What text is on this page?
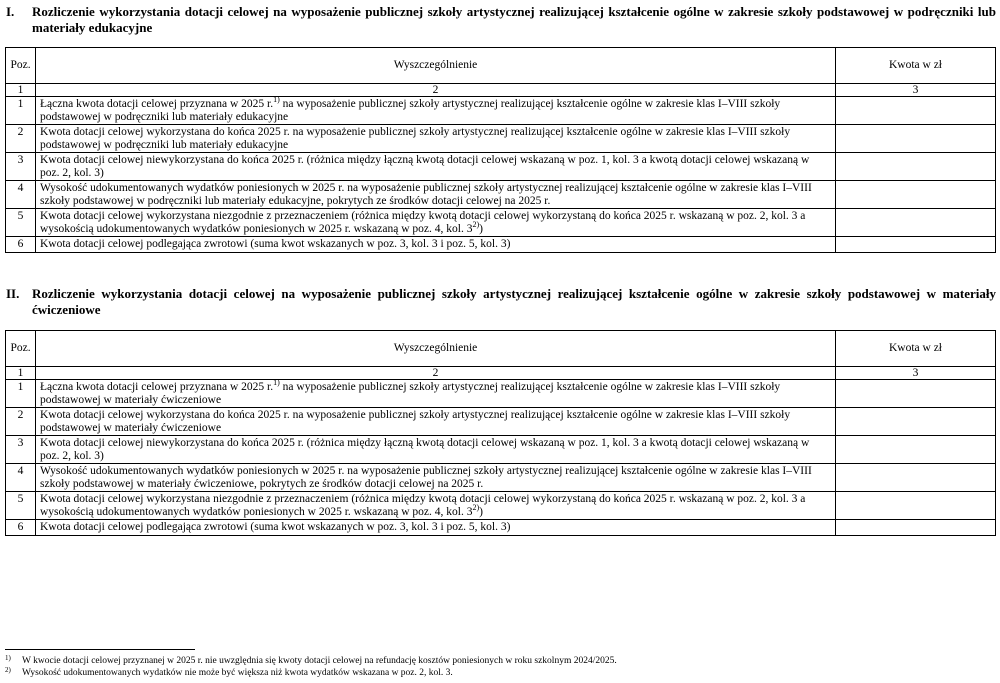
I. Rozliczenie wykorzystania dotacji celowej na wyposażenie publicznej szkoły artystycznej realizującej kształcenie ogólne w zakresie szkoły podstawowej w podręczniki lub materiały edukacyjne
Poz.	Wyszczególnienie	Kwota w zł
1	2	3
1	Łączna kwota dotacji celowej przyznana w 2025 r.$^{1)}$ na wyposażenie publicznej szkoły artystycznej realizującej kształcenie ogólne w zakresie klas I–VIII szkoły podstawowej w podręczniki lub materiały edukacyjne	
2	Kwota dotacji celowej wykorzystana do końca 2025 r. na wyposażenie publicznej szkoły artystycznej realizującej kształcenie ogólne w zakresie klas I–VIII szkoły podstawowej w podręczniki lub materiały edukacyjne	
3	Kwota dotacji celowej niewykorzystana do końca 2025 r. (różnica między łączną kwotą dotacji celowej wskazaną w poz. 1, kol. 3 a kwotą dotacji celowej wskazaną w poz. 2, kol. 3)	
4	Wysokość udokumentowanych wydatków poniesionych w 2025 r. na wyposażenie publicznej szkoły artystycznej realizującej kształcenie ogólne w zakresie klas I–VIII szkoły podstawowej w podręczniki lub materiały edukacyjne, pokrytych ze środków dotacji celowej na 2025 r.	
5	Kwota dotacji celowej wykorzystana niezgodnie z przeznaczeniem (różnica między kwotą dotacji celowej wykorzystaną do końca 2025 r. wskazaną w poz. 2, kol. 3 a wysokością udokumentowanych wydatków poniesionych w 2025 r. wskazaną w poz. 4, kol. 3$^{2)}$)	
6	Kwota dotacji celowej podlegająca zwrotowi (suma kwot wskazanych w poz. 3, kol. 3 i poz. 5, kol. 3)	
II. Rozliczenie wykorzystania dotacji celowej na wyposażenie publicznej szkoły artystycznej realizującej kształcenie ogólne w zakresie szkoły podstawowej w materiały ćwiczeniowe
Poz.	Wyszczególnienie	Kwota w zł
1	2	3
1	Łączna kwota dotacji celowej przyznana w 2025 r.$^{1)}$ na wyposażenie publicznej szkoły artystycznej realizującej kształcenie ogólne w zakresie klas I–VIII szkoły podstawowej w materiały ćwiczeniowe	
2	Kwota dotacji celowej wykorzystana do końca 2025 r. na wyposażenie publicznej szkoły artystycznej realizującej kształcenie ogólne w zakresie klas I–VIII szkoły podstawowej w materiały ćwiczeniowe	
3	Kwota dotacji celowej niewykorzystana do końca 2025 r. (różnica między łączną kwotą dotacji celowej wskazaną w poz. 1, kol. 3 a kwotą dotacji celowej wskazaną w poz. 2, kol. 3)	
4	Wysokość udokumentowanych wydatków poniesionych w 2025 r. na wyposażenie publicznej szkoły artystycznej realizującej kształcenie ogólne w zakresie klas I–VIII szkoły podstawowej w materiały ćwiczeniowe, pokrytych ze środków dotacji celowej na 2025 r.	
5	Kwota dotacji celowej wykorzystana niezgodnie z przeznaczeniem (różnica między kwotą dotacji celowej wykorzystaną do końca 2025 r. wskazaną w poz. 2, kol. 3 a wysokością udokumentowanych wydatków poniesionych w 2025 r. wskazaną w poz. 4, kol. 3$^{2)}$)	
6	Kwota dotacji celowej podlegająca zwrotowi (suma kwot wskazanych w poz. 3, kol. 3 i poz. 5, kol. 3)	
1) W kwocie dotacji celowej przyznanej w 2025 r. nie uwzględnia się kwoty dotacji celowej na refundację kosztów poniesionych w roku szkolnym 2024/2025.
2) Wysokość udokumentowanych wydatków nie może być większa niż kwota wydatków wskazana w poz. 2, kol. 3.
